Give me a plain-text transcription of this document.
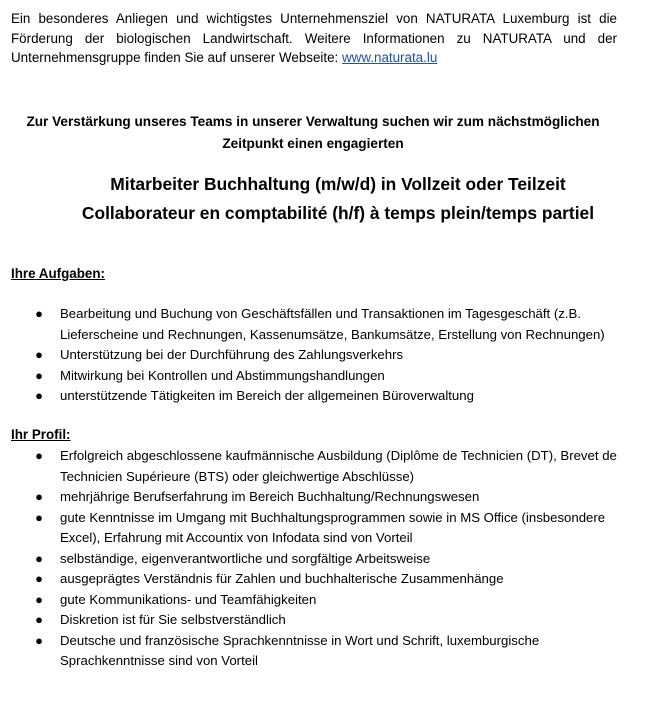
Ein besonderes Anliegen und wichtigstes Unternehmensziel von NATURATA Luxemburg ist die Förderung der biologischen Landwirtschaft. Weitere Informationen zu NATURATA und der Unternehmensgruppe finden Sie auf unserer Webseite: www.naturata.lu

Zur Verstärkung unseres Teams in unserer Verwaltung suchen wir zum nächstmöglichen
Zeitpunkt einen engagierten
Mitarbeiter Buchhaltung (m/w/d) in Vollzeit oder Teilzeit
Collaborateur en comptabilité (h/f) à temps plein/temps partiel
Ihre Aufgaben:
● Bearbeitung und Buchung von Geschäftsfällen und Transaktionen im Tagesgeschäft (z.B. Lieferscheine und Rechnungen, Kassenumsätze, Bankumsätze, Erstellung von Rechnungen)
● Unterstützung bei der Durchführung des Zahlungsverkehrs
● Mitwirkung bei Kontrollen und Abstimmungshandlungen
● unterstützende Tätigkeiten im Bereich der allgemeinen Büroverwaltung
Ihr Profil:
● Erfolgreich abgeschlossene kaufmännische Ausbildung (Diplôme de Technicien (DT), Brevet de Technicien Supérieure (BTS) oder gleichwertige Abschlüsse)
● mehrjährige Berufserfahrung im Bereich Buchhaltung/Rechnungswesen
● gute Kenntnisse im Umgang mit Buchhaltungsprogrammen sowie in MS Office (insbesondere Excel), Erfahrung mit Accountix von Infodata sind von Vorteil
● selbständige, eigenverantwortliche und sorgfältige Arbeitsweise
● ausgeprägtes Verständnis für Zahlen und buchhalterische Zusammenhänge
● gute Kommunikations- und Teamfähigkeiten
● Diskretion ist für Sie selbstverständlich
● Deutsche und französische Sprachkenntnisse in Wort und Schrift, luxemburgische Sprachkenntnisse sind von Vorteil
